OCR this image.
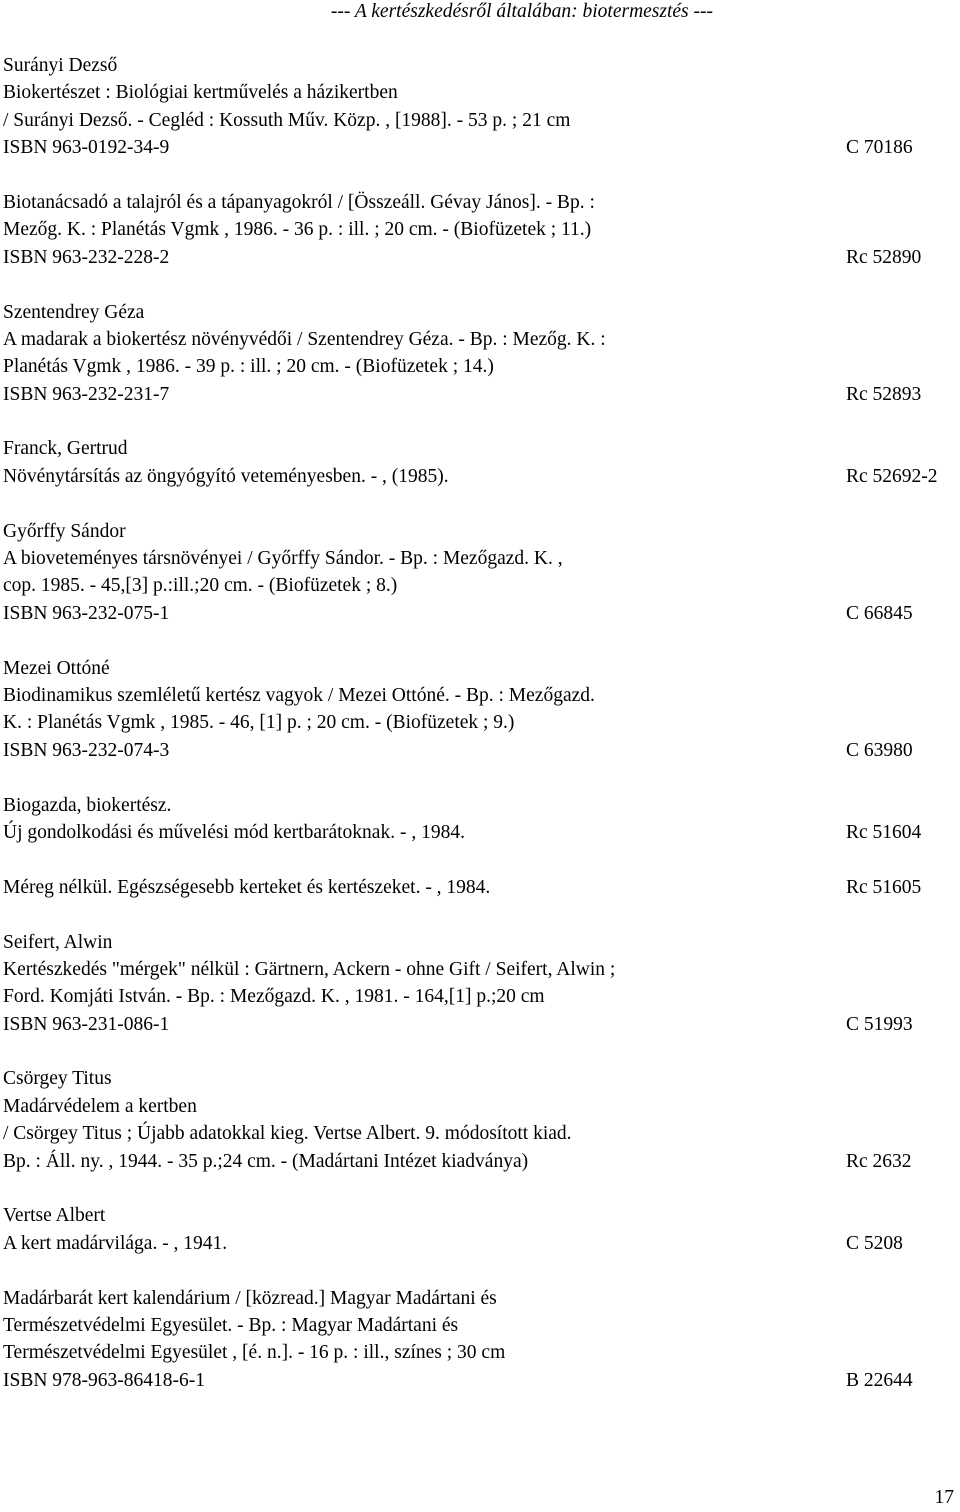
--- A kertészkedésről általában: biotermesztés ---
Surányi Dezső
Biokertészet : Biológiai kertművelés a házikertben
/ Surányi Dezső. - Cegléd : Kossuth Műv. Közp. , [1988]. - 53 p. ; 21 cm
ISBN 963-0192-34-9	C 70186
Biotanácsadó a talajról és a tápanyagokról / [Összeáll. Gévay János]. - Bp. :
Mezőg. K. : Planétás Vgmk , 1986. - 36 p. : ill. ; 20 cm. - (Biofüzetek ; 11.)
ISBN 963-232-228-2	Rc 52890
Szentendrey Géza
A madarak a biokertész növényvédői / Szentendrey Géza. - Bp. : Mezőg. K. :
Planétás Vgmk , 1986. - 39 p. : ill. ; 20 cm. - (Biofüzetek ; 14.)
ISBN 963-232-231-7	Rc 52893
Franck, Gertrud
Növénytársítás az öngyógyító veteményesben. - , (1985).	Rc 52692-2
Győrffy Sándor
A bioveteményes társnövényei / Győrffy Sándor. - Bp. : Mezőgazd. K. ,
cop. 1985. - 45,[3] p.:ill.;20 cm. - (Biofüzetek ; 8.)
ISBN 963-232-075-1	C 66845
Mezei Ottóné
Biodinamikus szemléletű kertész vagyok / Mezei Ottóné. - Bp. : Mezőgazd.
K. : Planétás Vgmk , 1985. - 46, [1] p. ; 20 cm. - (Biofüzetek ; 9.)
ISBN 963-232-074-3	C 63980
Biogazda, biokertész.
Új gondolkodási és művelési mód kertbarátoknak. - , 1984.	Rc 51604
Méreg nélkül. Egészségesebb kerteket és kertészeket. - , 1984.	Rc 51605
Seifert, Alwin
Kertészkedés "mérgek" nélkül : Gärtnern, Ackern - ohne Gift / Seifert, Alwin ;
Ford. Komjáti István. - Bp. : Mezőgazd. K. , 1981. - 164,[1] p.;20 cm
ISBN 963-231-086-1	C 51993
Csörgey Titus
Madárvédelem a kertben
/ Csörgey Titus ; Újabb adatokkal kieg. Vertse Albert. 9. módosított kiad.
Bp. : Áll. ny. , 1944. - 35 p.;24 cm. - (Madártani Intézet kiadványa)	Rc 2632
Vertse Albert
A kert madárvilága. - , 1941.	C 5208
Madárbarát kert kalendárium / [közread.] Magyar Madártani és
Természetvédelmi Egyesület. - Bp. : Magyar Madártani és
Természetvédelmi Egyesület , [é. n.]. - 16 p. : ill., színes ; 30 cm
ISBN 978-963-86418-6-1	B 22644
17
